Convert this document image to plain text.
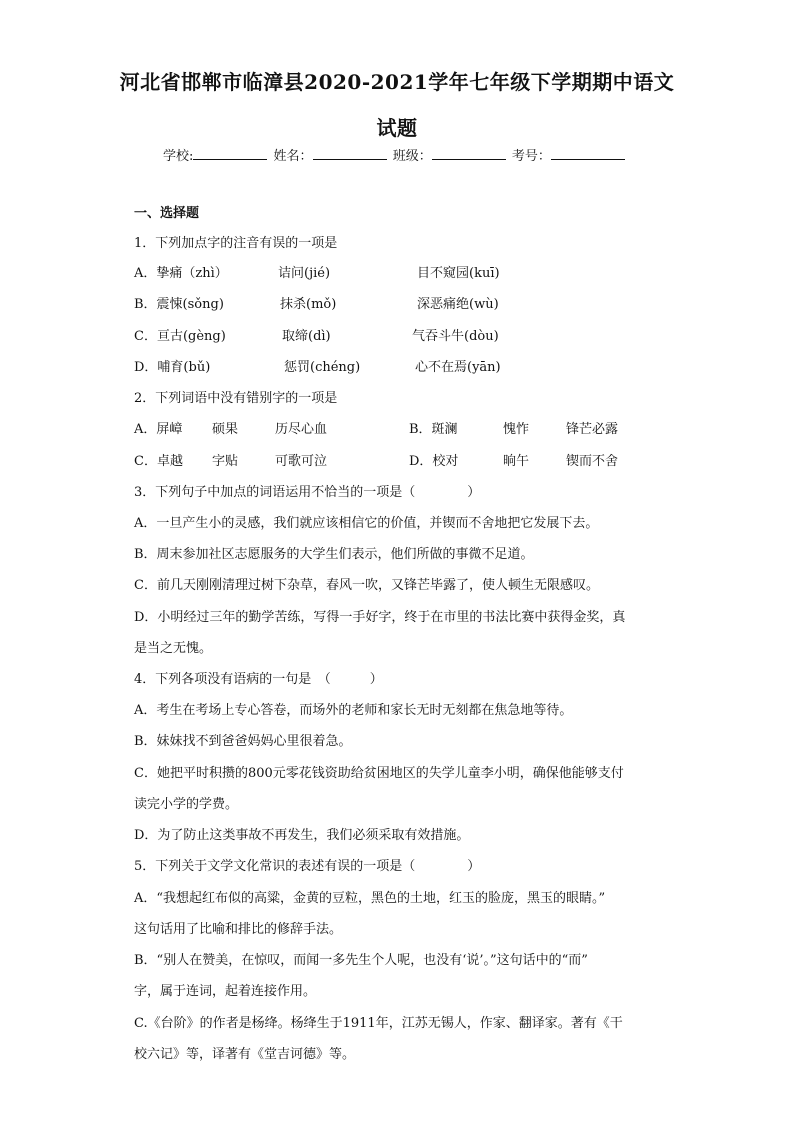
河北省邯郸市临漳县2020-2021学年七年级下学期期中语文
试题
学校:	姓名：	班级：	考号：
一、选择题
1．下列加点字的注音有误的一项是
A．挚痛（zhì）	诘问(jié)	目不窥园(kuī)
B．震悚(sǒng)	抹杀(mǒ)	深恶痛绝(wù)
C．亘古(gèng)	取缔(dì)	气吞斗牛(dòu)
D．哺育(bǔ)	惩罚(chéng)	心不在焉(yān)
2．下列词语中没有错别字的一项是
A．屏嶂 硕果	历尽心血	B．斑澜	愧怍	锋芒必露
C．卓越 字贴	可歌可泣	D．校对	晌午	锲而不舍
3．下列句子中加点的词语运用不恰当的一项是（　　　　）
A．一旦产生小的灵感，我们就应该相信它的价值，并锲而不舍地把它发展下去。
B．周末参加社区志愿服务的大学生们表示，他们所做的事微不足道。
C．前几天刚刚清理过树下杂草，春风一吹，又锋芒毕露了，使人顿生无限感叹。
D．小明经过三年的勤学苦练，写得一手好字，终于在市里的书法比赛中获得金奖，真
是当之无愧。
4．下列各项没有语病的一句是　（　　　）
A．考生在考场上专心答卷，而场外的老师和家长无时无刻都在焦急地等待。
B．妹妹找不到爸爸妈妈心里很着急。
C．她把平时积攒的800元零花钱资助给贫困地区的失学儿童李小明，确保他能够支付
读完小学的学费。
D．为了防止这类事故不再发生，我们必须采取有效措施。
5．下列关于文学文化常识的表述有误的一项是（　　　　）
A．“我想起红布似的高粱，金黄的豆粒，黑色的土地，红玉的脸庞，黑玉的眼睛。”
这句话用了比喻和排比的修辞手法。
B．“别人在赞美，在惊叹，而闻一多先生个人呢，也没有‘说’。”这句话中的“而”
字，属于连词，起着连接作用。
C.《台阶》的作者是杨绛。杨绛生于1911年，江苏无锡人，作家、翻译家。著有《干
校六记》等，译著有《堂吉诃德》等。
